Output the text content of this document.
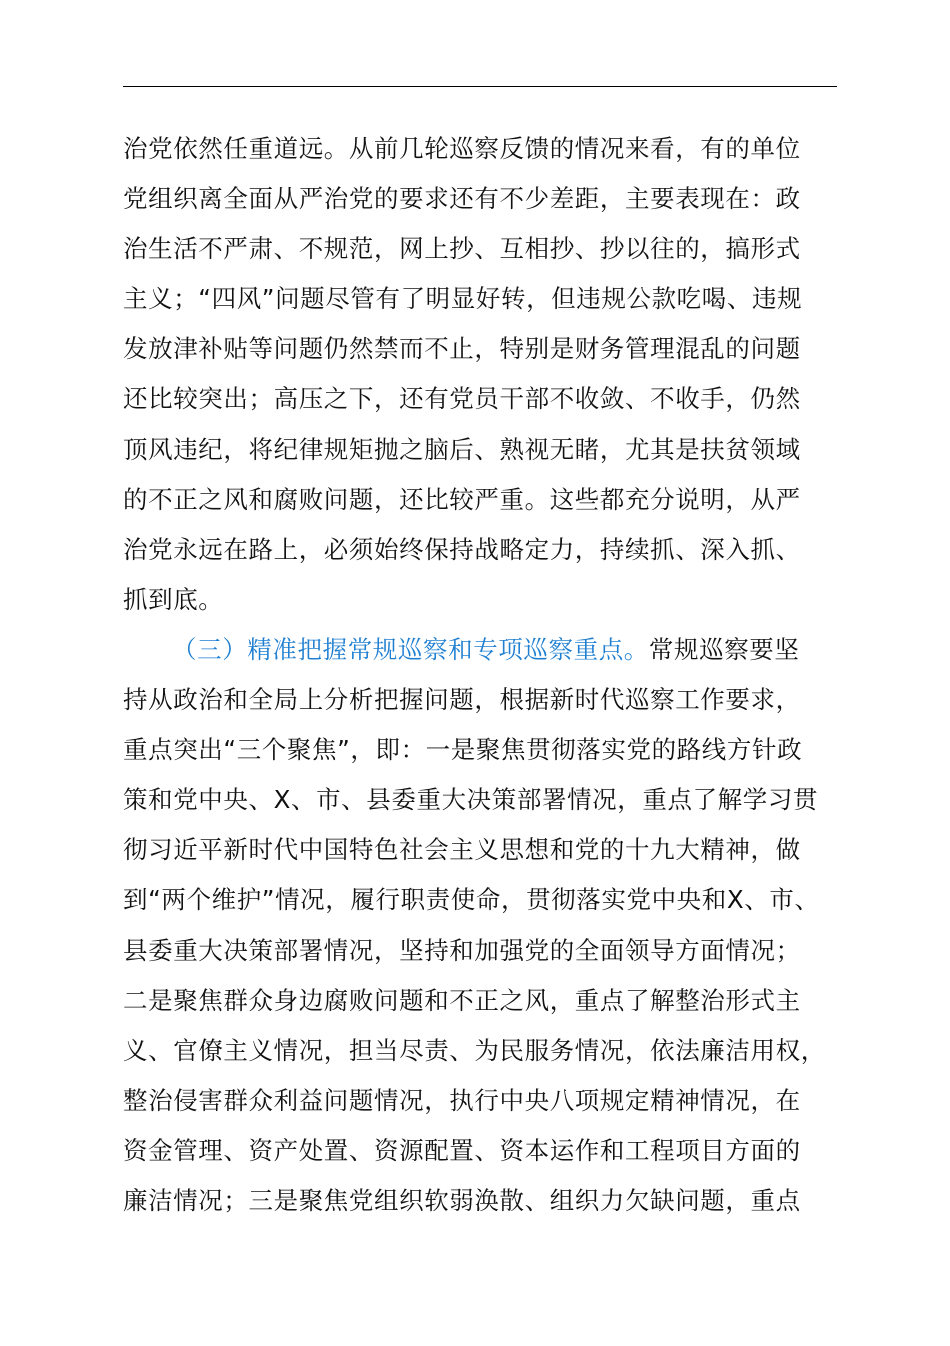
治党依然任重道远。从前几轮巡察反馈的情况来看，有的单位
党组织离全面从严治党的要求还有不少差距，主要表现在：政
治生活不严肃、不规范，网上抄、互相抄、抄以往的，搞形式
主义；“四风”问题尽管有了明显好转，但违规公款吃喝、违规
发放津补贴等问题仍然禁而不止，特别是财务管理混乱的问题
还比较突出；高压之下，还有党员干部不收敛、不收手，仍然
顶风违纪，将纪律规矩抛之脑后、熟视无睹，尤其是扶贫领域
的不正之风和腐败问题，还比较严重。这些都充分说明，从严
治党永远在路上，必须始终保持战略定力，持续抓、深入抓、
抓到底。
（三）精准把握常规巡察和专项巡察重点。常规巡察要坚
持从政治和全局上分析把握问题，根据新时代巡察工作要求，
重点突出“三个聚焦”，即：一是聚焦贯彻落实党的路线方针政
策和党中央、X、市、县委重大决策部署情况，重点了解学习贯
彻习近平新时代中国特色社会主义思想和党的十九大精神，做
到“两个维护”情况，履行职责使命，贯彻落实党中央和X、市、
县委重大决策部署情况，坚持和加强党的全面领导方面情况；
二是聚焦群众身边腐败问题和不正之风，重点了解整治形式主
义、官僚主义情况，担当尽责、为民服务情况，依法廉洁用权，
整治侵害群众利益问题情况，执行中央八项规定精神情况，在
资金管理、资产处置、资源配置、资本运作和工程项目方面的
廉洁情况；三是聚焦党组织软弱涣散、组织力欠缺问题，重点
